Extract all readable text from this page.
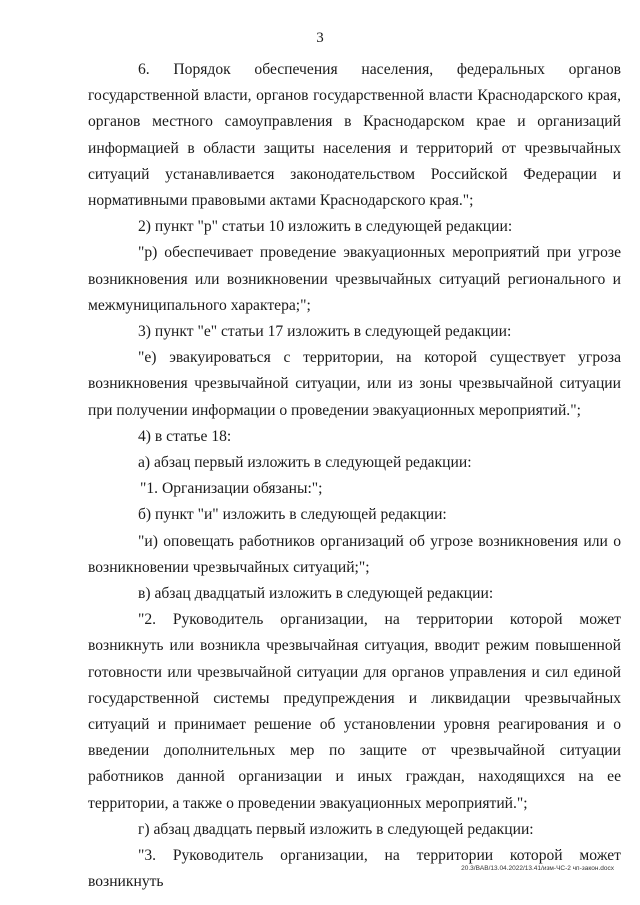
3

6. Порядок обеспечения населения, федеральных органов государственной власти, органов государственной власти Краснодарского края, органов местного самоуправления в Краснодарском крае и организаций информацией в области защиты населения и территорий от чрезвычайных ситуаций устанавливается законодательством Российской Федерации и нормативными правовыми актами Краснодарского края.";

2) пункт "р" статьи 10 изложить в следующей редакции:

"р) обеспечивает проведение эвакуационных мероприятий при угрозе возникновения или возникновении чрезвычайных ситуаций регионального и межмуниципального характера;";

3) пункт "е" статьи 17 изложить в следующей редакции:

"е) эвакуироваться с территории, на которой существует угроза возникновения чрезвычайной ситуации, или из зоны чрезвычайной ситуации при получении информации о проведении эвакуационных мероприятий.";

4) в статье 18:

а) абзац первый изложить в следующей редакции:

"1. Организации обязаны:";

б) пункт "и" изложить в следующей редакции:

"и) оповещать работников организаций об угрозе возникновения или о возникновении чрезвычайных ситуаций;";

в) абзац двадцатый изложить в следующей редакции:

"2. Руководитель организации, на территории которой может возникнуть или возникла чрезвычайная ситуация, вводит режим повышенной готовности или чрезвычайной ситуации для органов управления и сил единой государственной системы предупреждения и ликвидации чрезвычайных ситуаций и принимает решение об установлении уровня реагирования и о введении дополнительных мер по защите от чрезвычайной ситуации работников данной организации и иных граждан, находящихся на ее территории, а также о проведении эвакуационных мероприятий.";

г) абзац двадцать первый изложить в следующей редакции:

"3. Руководитель организации, на территории которой может возникнуть

20.3/BAB/13.04.2022/13.41/изм-ЧС-2 чп-закон.docx
